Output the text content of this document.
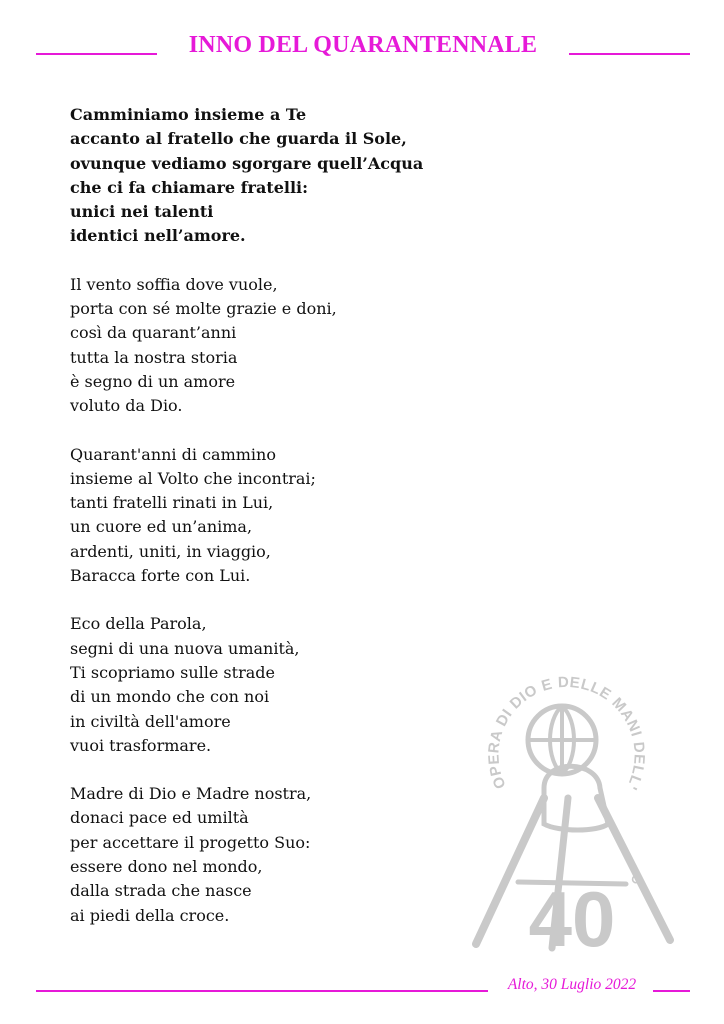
INNO DEL QUARANTENNALE
Camminiamo insieme a Te
accanto al fratello che guarda il Sole,
ovunque vediamo sgorgare quell’Acqua
che ci fa chiamare fratelli:
unici nei talenti
identici nell’amore.
Il vento soffia dove vuole,
porta con sé molte grazie e doni,
così da quarant’anni
tutta la nostra storia
è segno di un amore
voluto da Dio.
Quarant'anni di cammino
insieme al Volto che incontrai;
tanti fratelli rinati in Lui,
un cuore ed un’anima,
ardenti, uniti, in viaggio,
Baracca forte con Lui.
Eco della Parola,
segni di una nuova umanità,
Ti scopriamo sulle strade
di un mondo che con noi
in civiltà dell'amore
vuoi trasformare.
Madre di Dio e Madre nostra,
donaci pace ed umiltà
per accettare il progetto Suo:
essere dono nel mondo,
dalla strada che nasce
ai piedi della croce.
OPERA DI DIO E DELLE MANI DELL'
40 °
Alto, 30 Luglio 2022
